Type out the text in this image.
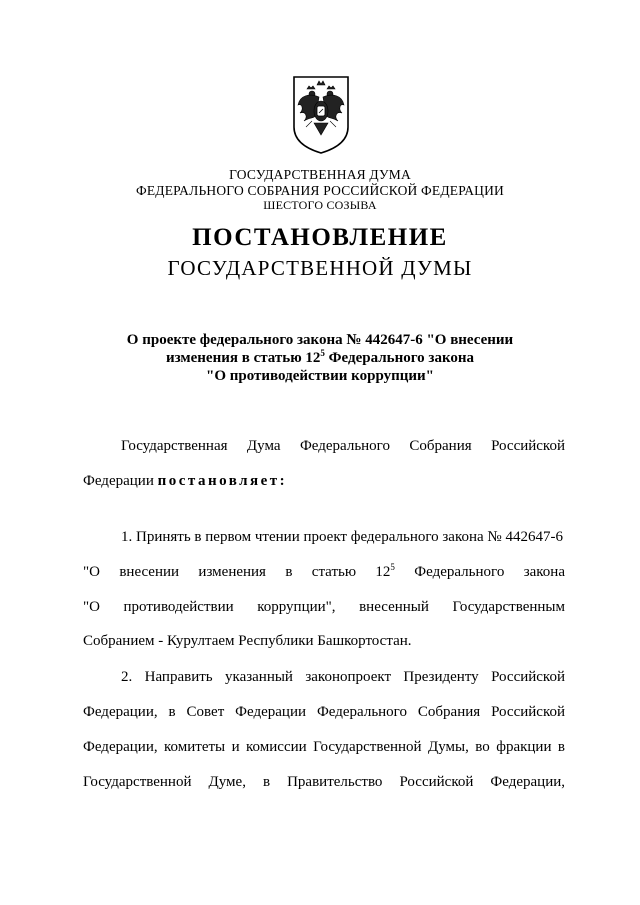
ГОСУДАРСТВЕННАЯ ДУМА
ФЕДЕРАЛЬНОГО СОБРАНИЯ РОССИЙСКОЙ ФЕДЕРАЦИИ
ШЕСТОГО СОЗЫВА
ПОСТАНОВЛЕНИЕ
ГОСУДАРСТВЕННОЙ ДУМЫ
О проекте федерального закона № 442647-6 "О внесении
изменения в статью $12^5$ Федерального закона
"О противодействии коррупции"
Государственная Дума Федерального Собрания Российской
Федерации постановляет:
1. Принять в первом чтении проект федерального закона № 442647-6
"О внесении изменения в статью $12^5$ Федерального закона
"О противодействии коррупции", внесенный Государственным
Собранием - Курултаем Республики Башкортостан.
2. Направить указанный законопроект Президенту Российской
Федерации, в Совет Федерации Федерального Собрания Российской
Федерации, комитеты и комиссии Государственной Думы, во фракции в
Государственной Думе, в Правительство Российской Федерации,
